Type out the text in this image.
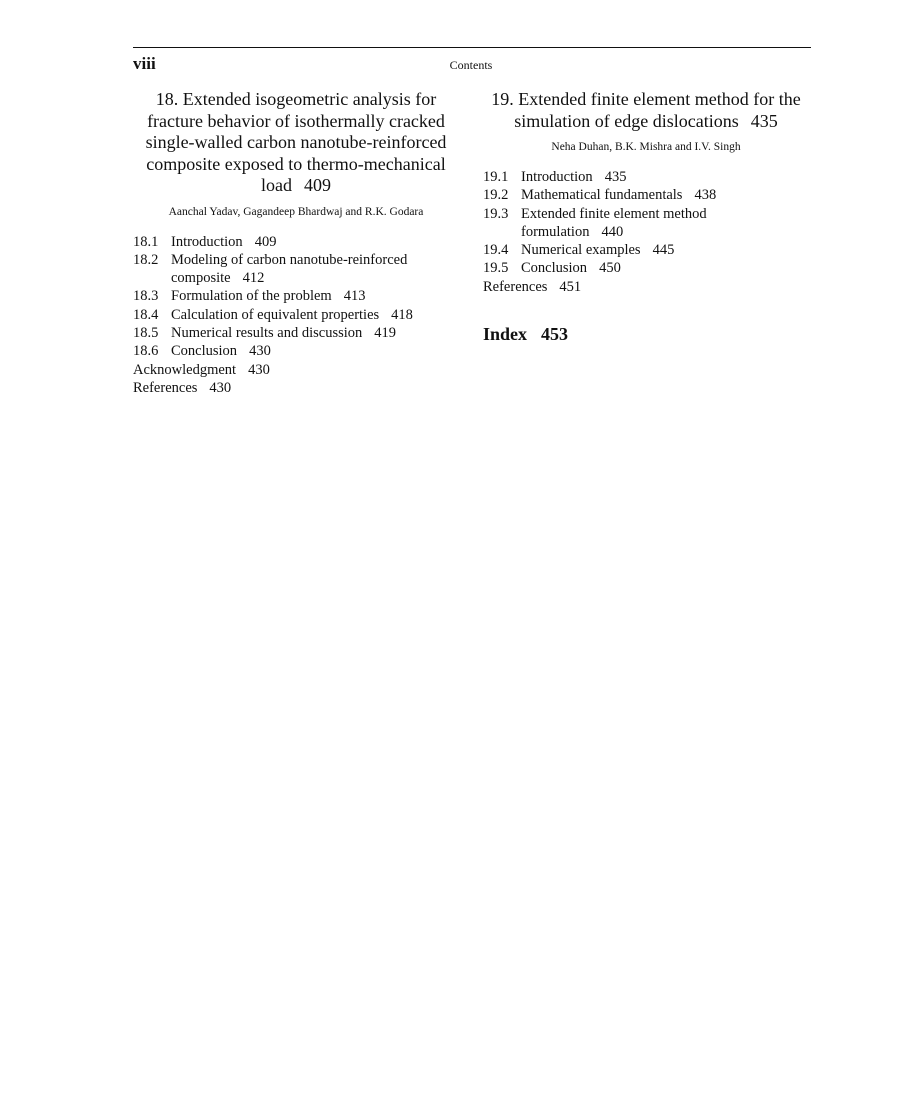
viii	Contents

18. Extended isogeometric analysis for fracture behavior of isothermally cracked single-walled carbon nanotube-reinforced composite exposed to thermo-mechanical load 409

Aanchal Yadav, Gagandeep Bhardwaj and R.K. Godara
18.1 Introduction 409
18.2 Modeling of carbon nanotube-reinforced composite 412
18.3 Formulation of the problem 413
18.4 Calculation of equivalent properties 418
18.5 Numerical results and discussion 419
18.6 Conclusion 430
Acknowledgment 430
References 430

19. Extended finite element method for the simulation of edge dislocations 435

Neha Duhan, B.K. Mishra and I.V. Singh
19.1 Introduction 435
19.2 Mathematical fundamentals 438
19.3 Extended finite element method formulation 440
19.4 Numerical examples 445
19.5 Conclusion 450
References 451
Index 453
